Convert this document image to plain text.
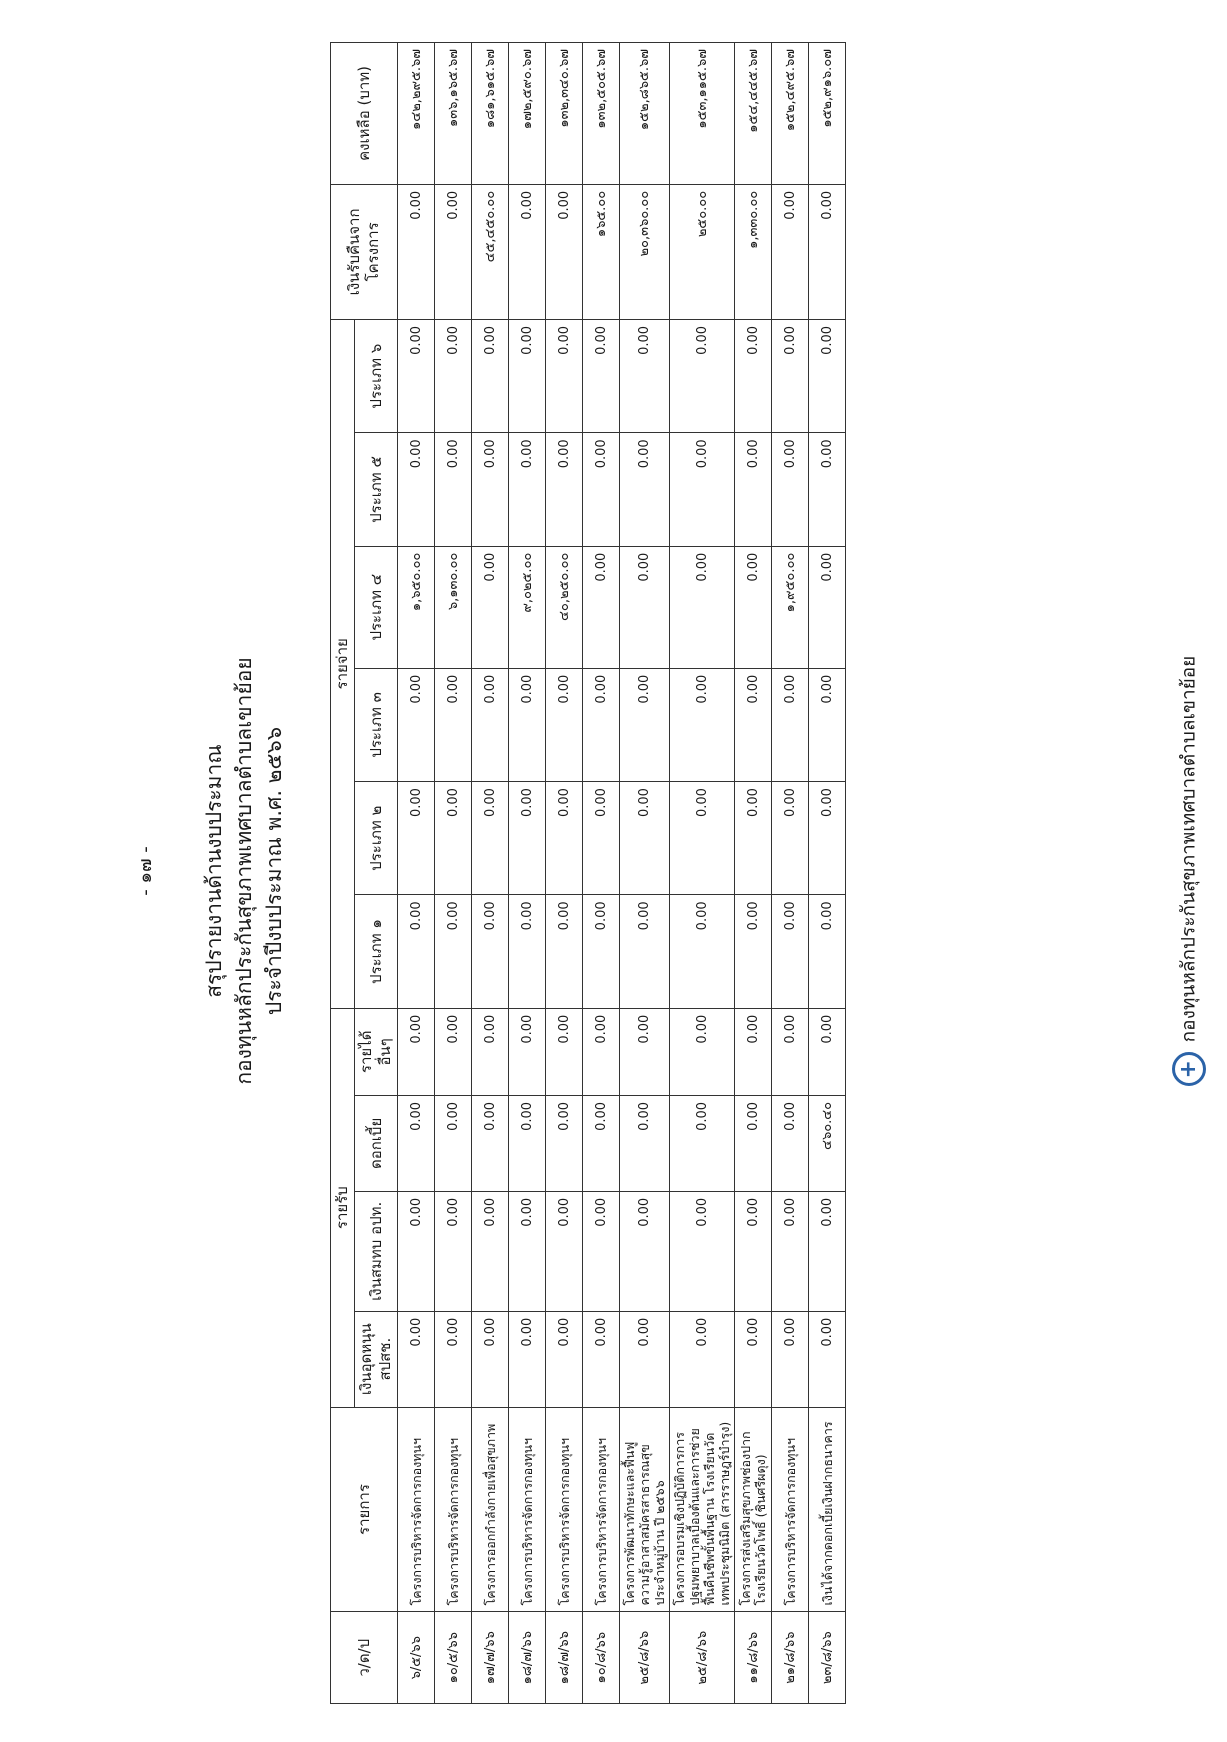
- ๑๗ - สรุปรายงานด้านงบประมาณ กองทุนหลักประกันสุขภาพเทศบาลตำบลเขาย้อย ประจำปีงบประมาณ พ.ศ. ๒๕๖๖
ว/ด/ป	รายการ	รายรับ				รายจ่าย						เงินรับคืนจาก โครงการ	คงเหลือ (บาท)
		เงินอุดหนุน สปสช.	เงินสมทบ อปท.	ดอกเบี้ย	รายได้ อื่นๆ	ประเภท ๑	ประเภท ๒	ประเภท ๓	ประเภท ๔	ประเภท ๕	ประเภท ๖		
๖/๕/๖๖	โครงการบริหารจัดการกองทุนฯ	0.00	0.00	0.00	0.00	0.00	0.00	0.00	๑,๖๕๐.๐๐	0.00	0.00	0.00	๑๔๒,๒๙๕.๖๗
๑๐/๕/๖๖	โครงการบริหารจัดการกองทุนฯ	0.00	0.00	0.00	0.00	0.00	0.00	0.00	๖,๑๓๐.๐๐	0.00	0.00	0.00	๑๓๖,๑๖๕.๖๗
๑๗/๗/๖๖	โครงการออกกำลังกายเพื่อสุขภาพ	0.00	0.00	0.00	0.00	0.00	0.00	0.00	0.00	0.00	0.00	๔๕,๔๕๐.๐๐	๑๘๑,๖๑๕.๖๗
๑๘/๗/๖๖	โครงการบริหารจัดการกองทุนฯ	0.00	0.00	0.00	0.00	0.00	0.00	0.00	๙,๐๒๕.๐๐	0.00	0.00	0.00	๑๗๒,๕๙๐.๖๗
๑๘/๗/๖๖	โครงการบริหารจัดการกองทุนฯ	0.00	0.00	0.00	0.00	0.00	0.00	0.00	๔๐,๒๕๐.๐๐	0.00	0.00	0.00	๑๓๒,๓๔๐.๖๗
๑๐/๘/๖๖	โครงการบริหารจัดการกองทุนฯ	0.00	0.00	0.00	0.00	0.00	0.00	0.00	0.00	0.00	0.00	๑๖๕.๐๐	๑๓๒,๕๐๕.๖๗
๒๕/๘/๖๖	โครงการพัฒนาทักษะและฟื้นฟูความรู้อาสาสมัครสาธารณสุขประจำหมู่บ้าน ปี ๒๕๖๖	0.00	0.00	0.00	0.00	0.00	0.00	0.00	0.00	0.00	0.00	๒๐,๓๖๐.๐๐	๑๕๒,๘๖๕.๖๗
๒๕/๘/๖๖	โครงการอบรมเชิงปฏิบัติการการปฐมพยาบาลเบื้องต้นและการช่วยฟื้นคืนชีพขั้นพื้นฐาน โรงเรียนวัดเทพประชุมนิมิต (สารราษฎร์บำรุง)	0.00	0.00	0.00	0.00	0.00	0.00	0.00	0.00	0.00	0.00	๒๕๐.๐๐	๑๕๓,๑๑๕.๖๗
๑๑/๘/๖๖	โครงการส่งเสริมสุขภาพช่องปาก โรงเรียนวัดโพธิ์ (ชินศรีผดุง)	0.00	0.00	0.00	0.00	0.00	0.00	0.00	0.00	0.00	0.00	๑,๓๓๐.๐๐	๑๕๔,๔๔๕.๖๗
๒๑/๘/๖๖	โครงการบริหารจัดการกองทุนฯ	0.00	0.00	0.00	0.00	0.00	0.00	0.00	๑,๙๕๐.๐๐	0.00	0.00	0.00	๑๕๒,๔๙๕.๖๗
๒๓/๘/๖๖	เงินได้จากดอกเบี้ยเงินฝากธนาคาร	0.00	0.00	๔๖๐.๔๐	0.00	0.00	0.00	0.00	0.00	0.00	0.00	0.00	๑๕๒,๙๑๖.๐๗
+กองทุนหลักประกันสุขภาพเทศบาลตำบลเขาย้อย
